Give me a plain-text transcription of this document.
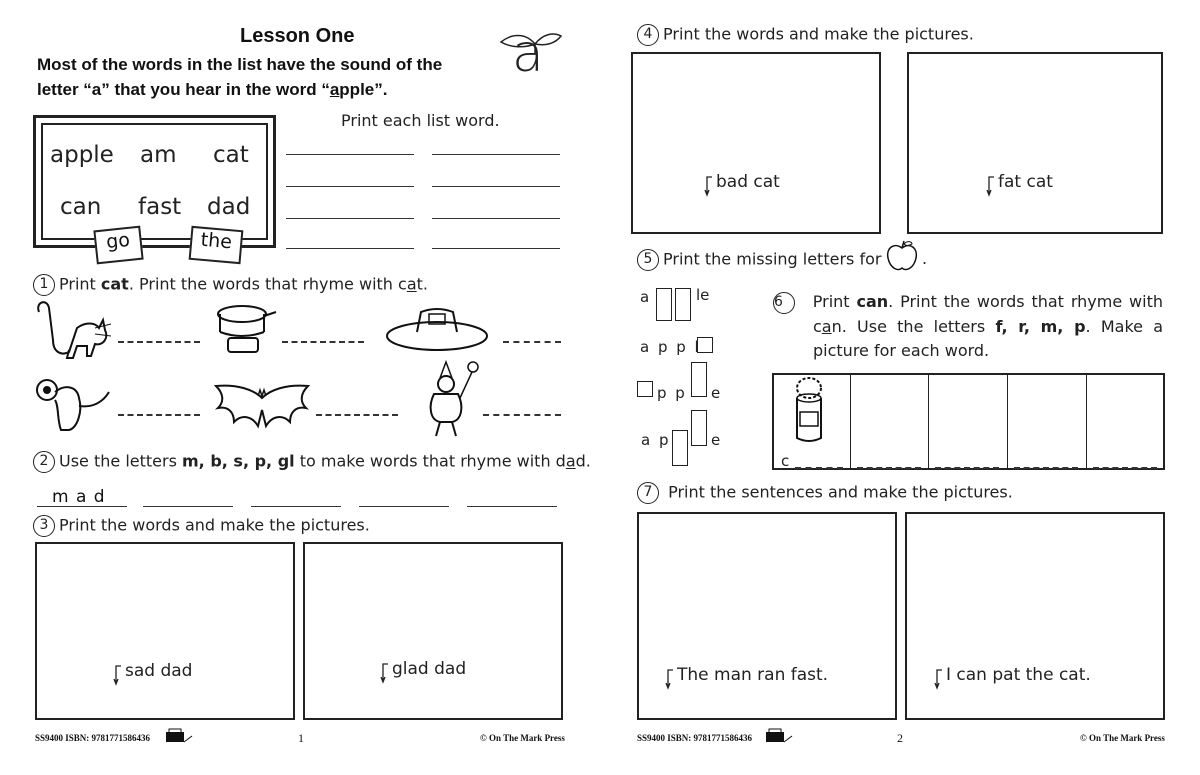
Lesson One
Most of the words in the list have the sound of the
letter “a” that you hear in the word “apple”.
a
apple am cat
can fast dad
go	the
Print each list word.
1 Print cat. Print the words that rhyme with cat.
2 Use the letters m, b, s, p, gl to make words that rhyme with dad.
m a d
3 Print the words and make the pictures.
sad dad	glad dad
SS9400 ISBN: 9781771586436	1	© On The Mark Press
4 Print the words and make the pictures.
bad cat	fat cat
5 Print the missing letters for	.
a	le
a p p l
p p e
a p	e
6 Print can. Print the words that rhyme with
can. Use the letters f, r, m, p. Make a
picture for each word.
c
7 Print the sentences and make the pictures.
The man ran fast.	I can pat the cat.
SS9400 ISBN: 9781771586436	2	© On The Mark Press
